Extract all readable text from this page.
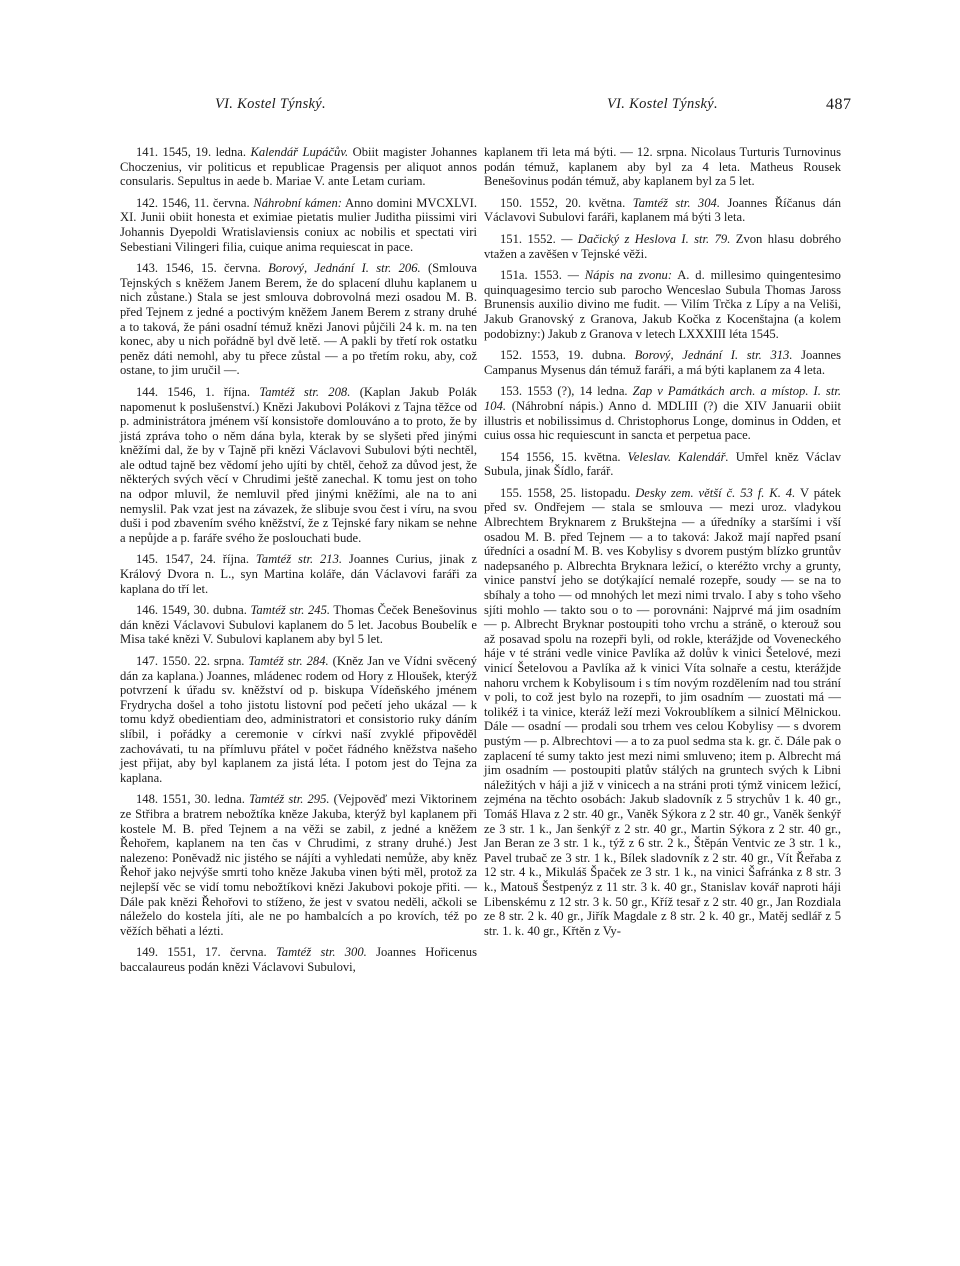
VI. Kostel Týnský.	VI. Kostel Týnský.	487

141. 1545, 19. ledna. Kalendář Lupáčův. Obiit magister Johannes Choczenius, vir politicus et republicae Pragensis per aliquot annos consularis. Sepultus in aede b. Mariae V. ante Letam curiam.

142. 1546, 11. června. Náhrobní kámen: Anno domini MVCXLVI. XI. Junii obiit honesta et eximiae pietatis mulier Juditha piissimi viri Johannis Dyepoldi Wratislaviensis coniux ac nobilis et spectati viri Sebestiani Vilingeri filia, cuique anima requiescat in pace.

143. 1546, 15. června. Borový, Jednání I. str. 206. (Smlouva Tejnských s kněžem Janem Berem, že do splacení dluhu kaplanem u nich zůstane.) Stala se jest smlouva dobrovolná mezi osadou M. B. před Tejnem z jedné a poctivým kněžem Janem Berem z strany druhé a to taková, že páni osadní témuž knězi Janovi půjčili 24 k. m. na ten konec, aby u nich pořádně byl dvě letě. — A pakli by třetí rok ostatku peněz dáti nemohl, aby tu přece zůstal — a po třetím roku, aby, což ostane, to jim uručil —.

144. 1546, 1. října. Tamtéž str. 208. (Kaplan Jakub Polák napomenut k poslušenství.) Knězi Jakubovi Polákovi z Tajna těžce od p. administrátora jménem vší konsistoře domlouváno a to proto, že by jistá zpráva toho o něm dána byla, kterak by se slyšeti před jinými kněžími dal, že by v Tajně při knězi Václavovi Subulovi býti nechtěl, ale odtud tajně bez vědomí jeho ujíti by chtěl, čehož za důvod jest, že některých svých věcí v Chrudimi ještě zanechal. K tomu jest on toho na odpor mluvil, že nemluvil před jinými kněžími, ale na to ani nemyslil. Pak vzat jest na závazek, že slibuje svou čest i víru, na svou duši i pod zbavením svého kněžství, že z Tejnské fary nikam se nehne a nepůjde a p. faráře svého že poslouchati bude.

145. 1547, 24. října. Tamtéž str. 213. Joannes Curius, jinak z Králový Dvora n. L., syn Martina koláře, dán Václavovi faráři za kaplana do tří let.

146. 1549, 30. dubna. Tamtéž str. 245. Thomas Čeček Benešovinus dán knězi Václavovi Subulovi kaplanem do 5 let. Jacobus Boubelík e Misa také knězi V. Subulovi kaplanem aby byl 5 let.

147. 1550. 22. srpna. Tamtéž str. 284. (Kněz Jan ve Vídni svěcený dán za kaplana.) Joannes, mládenec rodem od Hory z Hloušek, kterýž potvrzení k úřadu sv. kněžství od p. biskupa Vídeňského jménem Frydrycha došel a toho jistotu listovní pod pečetí jeho ukázal — k tomu když obedientiam deo, administratori et consistorio ruky dáním slíbil, i pořádky a ceremonie v církvi naší zvyklé připověděl zachovávati, tu na přímluvu přátel v počet řádného kněžstva našeho jest přijat, aby byl kaplanem za jistá léta. I potom jest do Tejna za kaplana.

148. 1551, 30. ledna. Tamtéž str. 295. (Vejpověď mezi Viktorinem ze Střibra a bratrem nebožtíka kněze Jakuba, kterýž byl kaplanem při kostele M. B. před Tejnem a na věži se zabil, z jedné a kněžem Řehořem, kaplanem na ten čas v Chrudimi, z strany druhé.) Jest nalezeno: Poněvadž nic jistého se nájíti a vyhledati nemůže, aby kněz Řehoř jako nejvýše smrti toho kněze Jakuba vinen býti měl, protož za nejlepší věc se vidí tomu nebožtíkovi knězi Jakubovi pokoje přiti. — Dále pak knězi Řehořovi to stíženo, že jest v svatou neděli, ačkoli se náleželo do kostela jíti, ale ne po hambalcích a po krovích, též po věžích běhati a lézti.

149. 1551, 17. června. Tamtéž str. 300. Joannes Hořicenus baccalaureus podán knězi Václavovi Subulovi,

kaplanem tři leta má býti. — 12. srpna. Nicolaus Turturis Turnovinus podán témuž, kaplanem aby byl za 4 leta. Matheus Rousek Benešovinus podán témuž, aby kaplanem byl za 5 let.

150. 1552, 20. května. Tamtéž str. 304. Joannes Říčanus dán Václavovi Subulovi faráři, kaplanem má býti 3 leta.

151. 1552. — Dačický z Heslova I. str. 79. Zvon hlasu dobrého vtažen a zavěšen v Tejnské věži.

151a. 1553. — Nápis na zvonu: A. d. millesimo quingentesimo quinquagesimo tercio sub parocho Wenceslao Subula Thomas Jaross Brunensis auxilio divino me fudit. — Vilím Trčka z Lípy a na Veliši, Jakub Granovský z Granova, Jakub Kočka z Kocenštajna (a kolem podobizny:) Jakub z Granova v letech LXXXIII léta 1545.

152. 1553, 19. dubna. Borový, Jednání I. str. 313. Joannes Campanus Mysenus dán témuž faráři, a má býti kaplanem za 4 leta.

153. 1553 (?), 14 ledna. Zap v Památkách arch. a místop. I. str. 104. (Náhrobní nápis.) Anno d. MDLIII (?) die XIV Januarii obiit illustris et nobilissimus d. Christophorus Longe, dominus in Odden, et cuius ossa hic requiescunt in sancta et perpetua pace.

154 1556, 15. května. Veleslav. Kalendář. Umřel kněz Václav Subula, jinak Šídlo, farář.

155. 1558, 25. listopadu. Desky zem. větší č. 53 f. K. 4. V pátek před sv. Ondřejem — stala se smlouva — mezi uroz. vladykou Albrechtem Bryknarem z Brukštejna — a úředníky a staršími i vší osadou M. B. před Tejnem — a to taková: Jakož mají napřed psaní úředníci a osadní M. B. ves Kobylisy s dvorem pustým blízko gruntův nadepsaného p. Albrechta Bryknara ležicí, o kteréžto vrchy a grunty, vinice panství jeho se dotýkající nemalé rozepře, soudy — se na to sbíhaly a toho — od mnohých let mezi nimi trvalo. I aby s toho všeho sjíti mohlo — takto sou o to — porovnáni: Najprvé má jim osadním — p. Albrecht Bryknar postoupiti toho vrchu a stráně, o kterouž sou až posavad spolu na rozepři byli, od rokle, kterážjde od Voveneckého háje v té stráni vedle vinice Pavlíka až dolův k vinici Šetelové, mezi vinicí Šetelovou a Pavlíka až k vinici Víta solnaře a cestu, kterážjde nahoru vrchem k Kobylisoum i s tím novým rozdělením nad tou strání v poli, to což jest bylo na rozepři, to jim osadním — zuostati má — tolikéž i ta vinice, kteráž leží mezi Vokroublíkem a silnicí Mělnickou. Dále — osadní — prodali sou trhem ves celou Kobylisy — s dvorem pustým — p. Albrechtovi — a to za puol sedma sta k. gr. č. Dále pak o zaplacení té sumy takto jest mezi nimi smluveno; item p. Albrecht má jim osadním — postoupiti platův stálých na gruntech svých k Libni náležitých v háji a již v vinicech a na stráni proti týmž vinicem ležicí, zejména na těchto osobách: Jakub sladovník z 5 strychův 1 k. 40 gr., Tomáš Hlava z 2 str. 40 gr., Vaněk Sýkora z 2 str. 40 gr., Vaněk šenkýř ze 3 str. 1 k., Jan šenkýř z 2 str. 40 gr., Martin Sýkora z 2 str. 40 gr., Jan Beran ze 3 str. 1 k., týž z 6 str. 2 k., Štěpán Ventvic ze 3 str. 1 k., Pavel trubač ze 3 str. 1 k., Bílek sladovník z 2 str. 40 gr., Vít Řeřaba z 12 str. 4 k., Mikuláš Špaček ze 3 str. 1 k., na vinici Šafránka z 8 str. 3 k., Matouš Šestpenýz z 11 str. 3 k. 40 gr., Stanislav kovář naproti háji Libenskému z 12 str. 3 k. 50 gr., Kříž tesař z 2 str. 40 gr., Jan Rozdiala ze 8 str. 2 k. 40 gr., Jiřík Magdale z 8 str. 2 k. 40 gr., Matěj sedlář z 5 str. 1. k. 40 gr., Křtěn z Vy-
